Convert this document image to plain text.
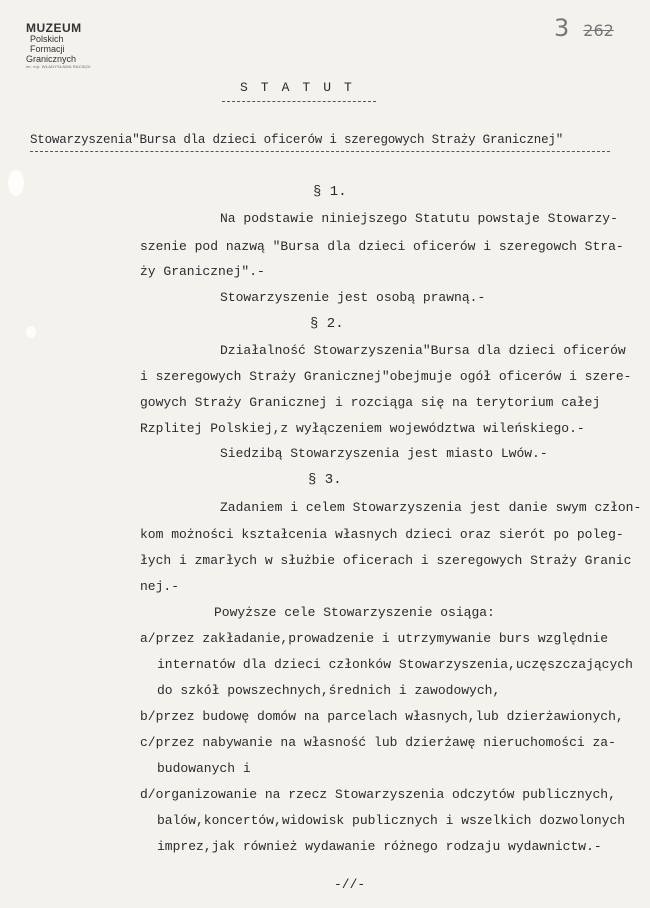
MUZEUM
Polskich
Formacji
Granicznych
im. mjr. WŁADYSŁAWA RACIĘGI
3 262
STATUT
Stowarzyszenia"Bursa dla dzieci oficerów i szeregowych Straży Granicznej"
§ 1.
Na podstawie niniejszego Statutu powstaje Stowarzy-
szenie pod nazwą "Bursa dla dzieci oficerów i szeregowch Stra-
ży Granicznej".-
Stowarzyszenie jest osobą prawną.-
§ 2.
Działalność Stowarzyszenia"Bursa dla dzieci oficerów
i szeregowych Straży Granicznej"obejmuje ogół oficerów i szere-
gowych Straży Granicznej i rozciąga się na terytorium całej
Rzplitej Polskiej,z wyłączeniem województwa wileńskiego.-
Siedzibą Stowarzyszenia jest miasto Lwów.-
§ 3.
Zadaniem i celem Stowarzyszenia jest danie swym człon-
kom możności kształcenia własnych dzieci oraz sierót po poleg-
łych i zmarłych w służbie oficerach i szeregowych Straży Granic
nej.-
Powyższe cele Stowarzyszenie osiąga:
a/przez zakładanie,prowadzenie i utrzymywanie burs względnie
internatów dla dzieci członków Stowarzyszenia,uczęszczających
do szkół powszechnych,średnich i zawodowych,
b/przez budowę domów na parcelach własnych,lub dzierżawionych,
c/przez nabywanie na własność lub dzierżawę nieruchomości za-
budowanych i
d/organizowanie na rzecz Stowarzyszenia odczytów publicznych,
balów,koncertów,widowisk publicznych i wszelkich dozwolonych
imprez,jak również wydawanie różnego rodzaju wydawnictw.-
-//-
